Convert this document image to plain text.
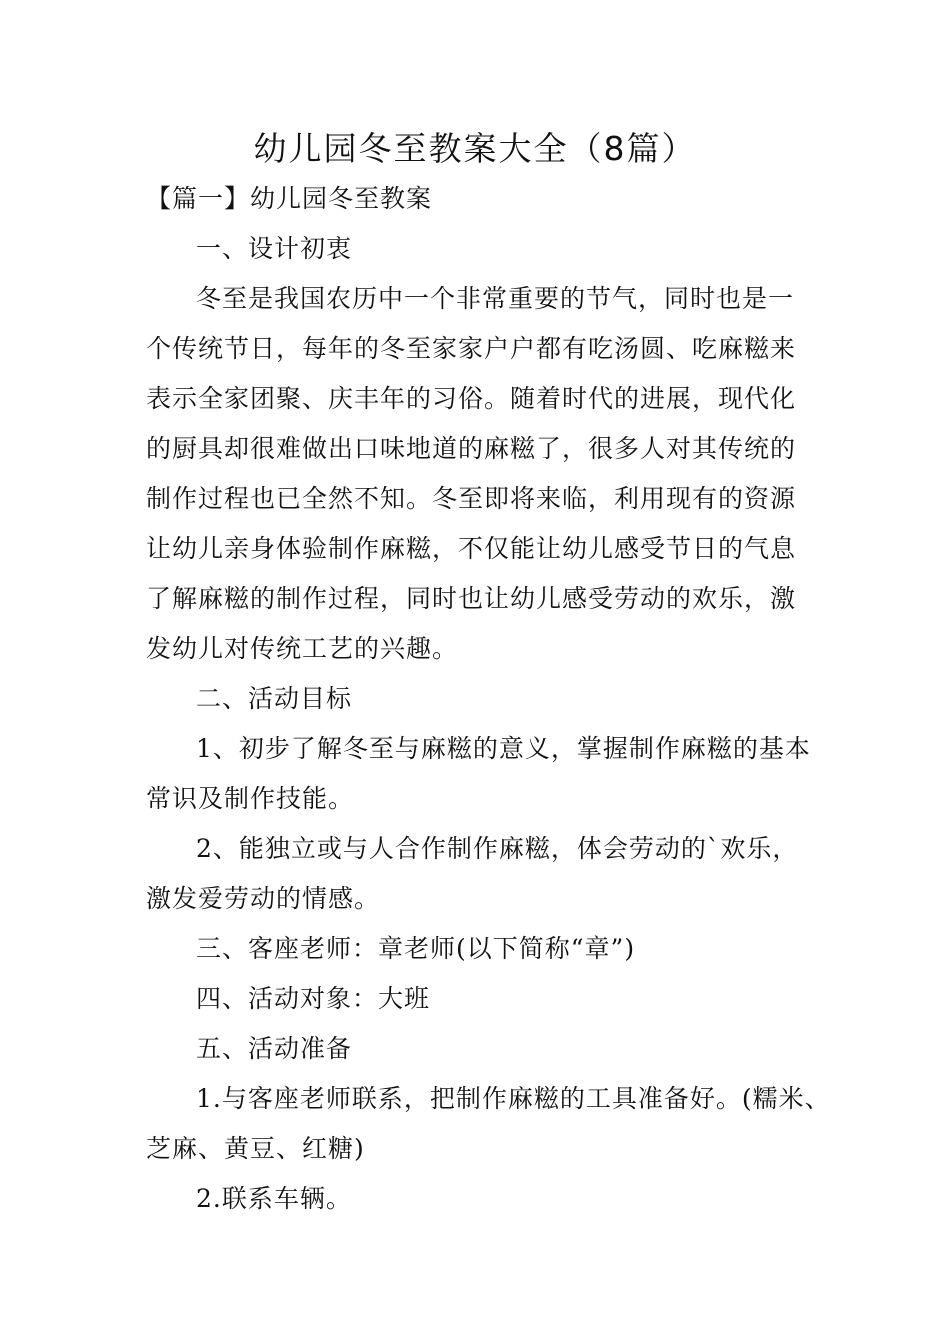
幼儿园冬至教案大全（8篇）

【篇一】幼儿园冬至教案

一、设计初衷

冬至是我国农历中一个非常重要的节气，同时也是一

个传统节日，每年的冬至家家户户都有吃汤圆、吃麻糍来

表示全家团聚、庆丰年的习俗。随着时代的进展，现代化

的厨具却很难做出口味地道的麻糍了，很多人对其传统的

制作过程也已全然不知。冬至即将来临，利用现有的资源

让幼儿亲身体验制作麻糍，不仅能让幼儿感受节日的气息

了解麻糍的制作过程，同时也让幼儿感受劳动的欢乐，激

发幼儿对传统工艺的兴趣。

二、活动目标

1、初步了解冬至与麻糍的意义，掌握制作麻糍的基本

常识及制作技能。

2、能独立或与人合作制作麻糍，体会劳动的`欢乐，

激发爱劳动的情感。

三、客座老师：章老师(以下简称“章”)

四、活动对象：大班

五、活动准备

1.与客座老师联系，把制作麻糍的工具准备好。(糯米、

芝麻、黄豆、红糖)

2.联系车辆。
